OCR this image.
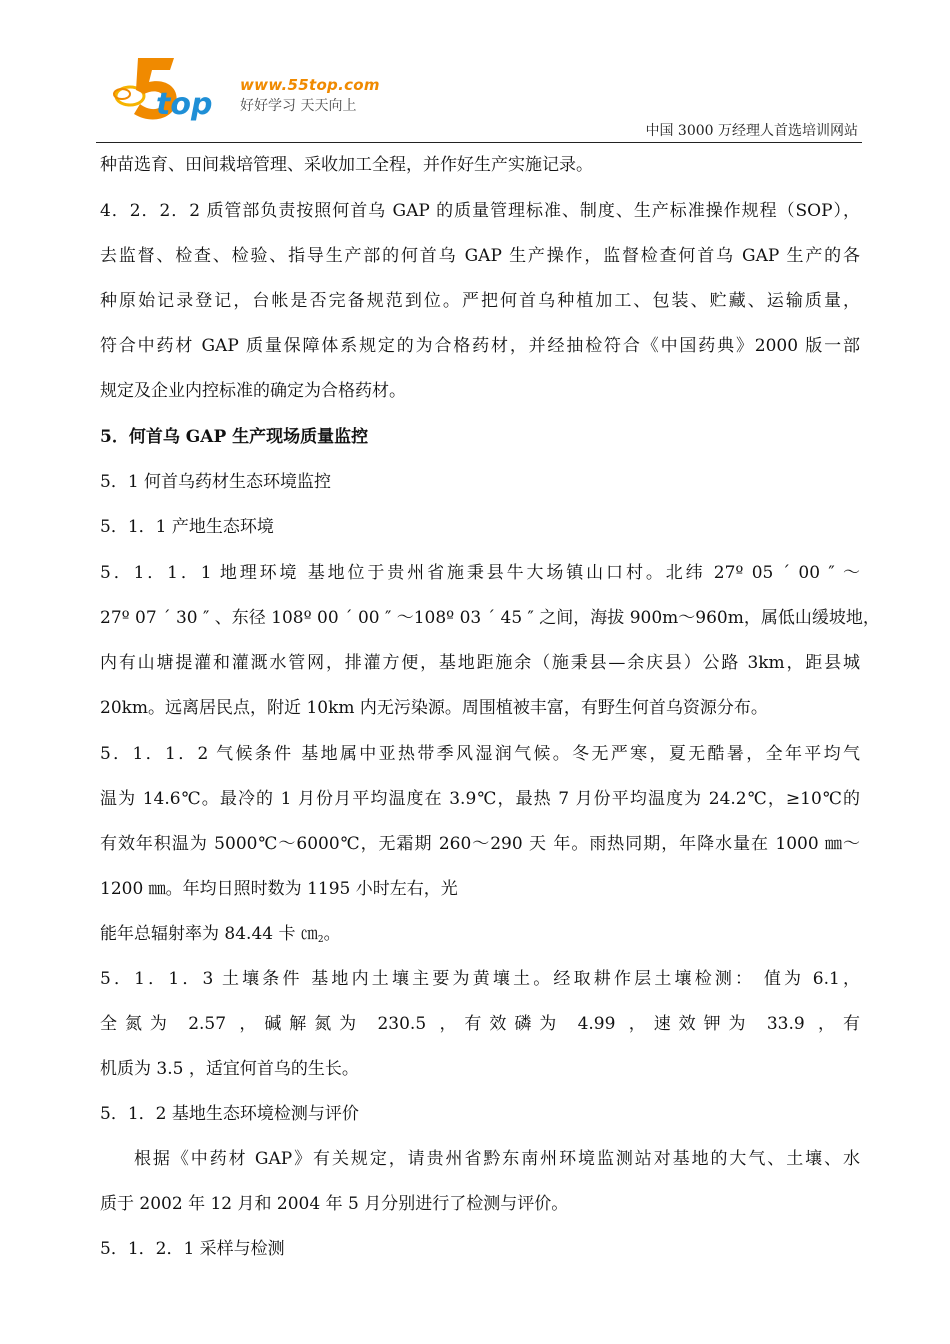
top
www.55top.com
好好学习 天天向上
中国 3000 万经理人首选培训网站
种苗选育、田间栽培管理、采收加工全程，并作好生产实施记录。
4．2．2．2 质管部负责按照何首乌 GAP 的质量管理标准、制度、生产标准操作规程（SOP），
去监督、检查、检验、指导生产部的何首乌 GAP 生产操作，监督检查何首乌 GAP 生产的各
种原始记录登记，台帐是否完备规范到位。严把何首乌种植加工、包装、贮藏、运输质量，
符合中药材 GAP 质量保障体系规定的为合格药材，并经抽检符合《中国药典》2000 版一部
规定及企业内控标准的确定为合格药材。
5．何首乌 GAP 生产现场质量监控
5．1 何首乌药材生态环境监控
5．1．1 产地生态环境
5．1．1．1 地理环境 基地位于贵州省施秉县牛大场镇山口村。北纬 27º 05 ´ 00 ″ ～
27º 07 ´ 30 ″ 、东径 108º 00 ´ 00 ″ ～108º 03 ´ 45 ″ 之间，海拔 900m～960m，属低山缓坡地，
内有山塘提灌和灌溉水管网，排灌方便，基地距施余（施秉县—余庆县）公路 3km，距县城
20km。远离居民点，附近 10km 内无污染源。周围植被丰富，有野生何首乌资源分布。
5．1．1．2 气候条件 基地属中亚热带季风湿润气候。冬无严寒，夏无酷暑，全年平均气
温为 14.6℃。最冷的 1 月份月平均温度在 3.9℃，最热 7 月份平均温度为 24.2℃，≥10℃的
有效年积温为 5000℃～6000℃，无霜期 260～290 天 年。雨热同期，年降水量在 1000 ㎜～
1200 ㎜。年均日照时数为 1195 小时左右，光
能年总辐射率为 84.44 卡 $㎝_2$。
5．1．1．3 土壤条件 基地内土壤主要为黄壤土。经取耕作层土壤检测： 值为 6.1，
全氮为 2.57 ，碱解氮为 230.5 ，有效磷为 4.99 ，速效钾为 33.9 ，有
机质为 3.5 ，适宜何首乌的生长。
5．1．2 基地生态环境检测与评价
根据《中药材 GAP》有关规定，请贵州省黔东南州环境监测站对基地的大气、土壤、水
质于 2002 年 12 月和 2004 年 5 月分别进行了检测与评价。
5．1．2．1 采样与检测
